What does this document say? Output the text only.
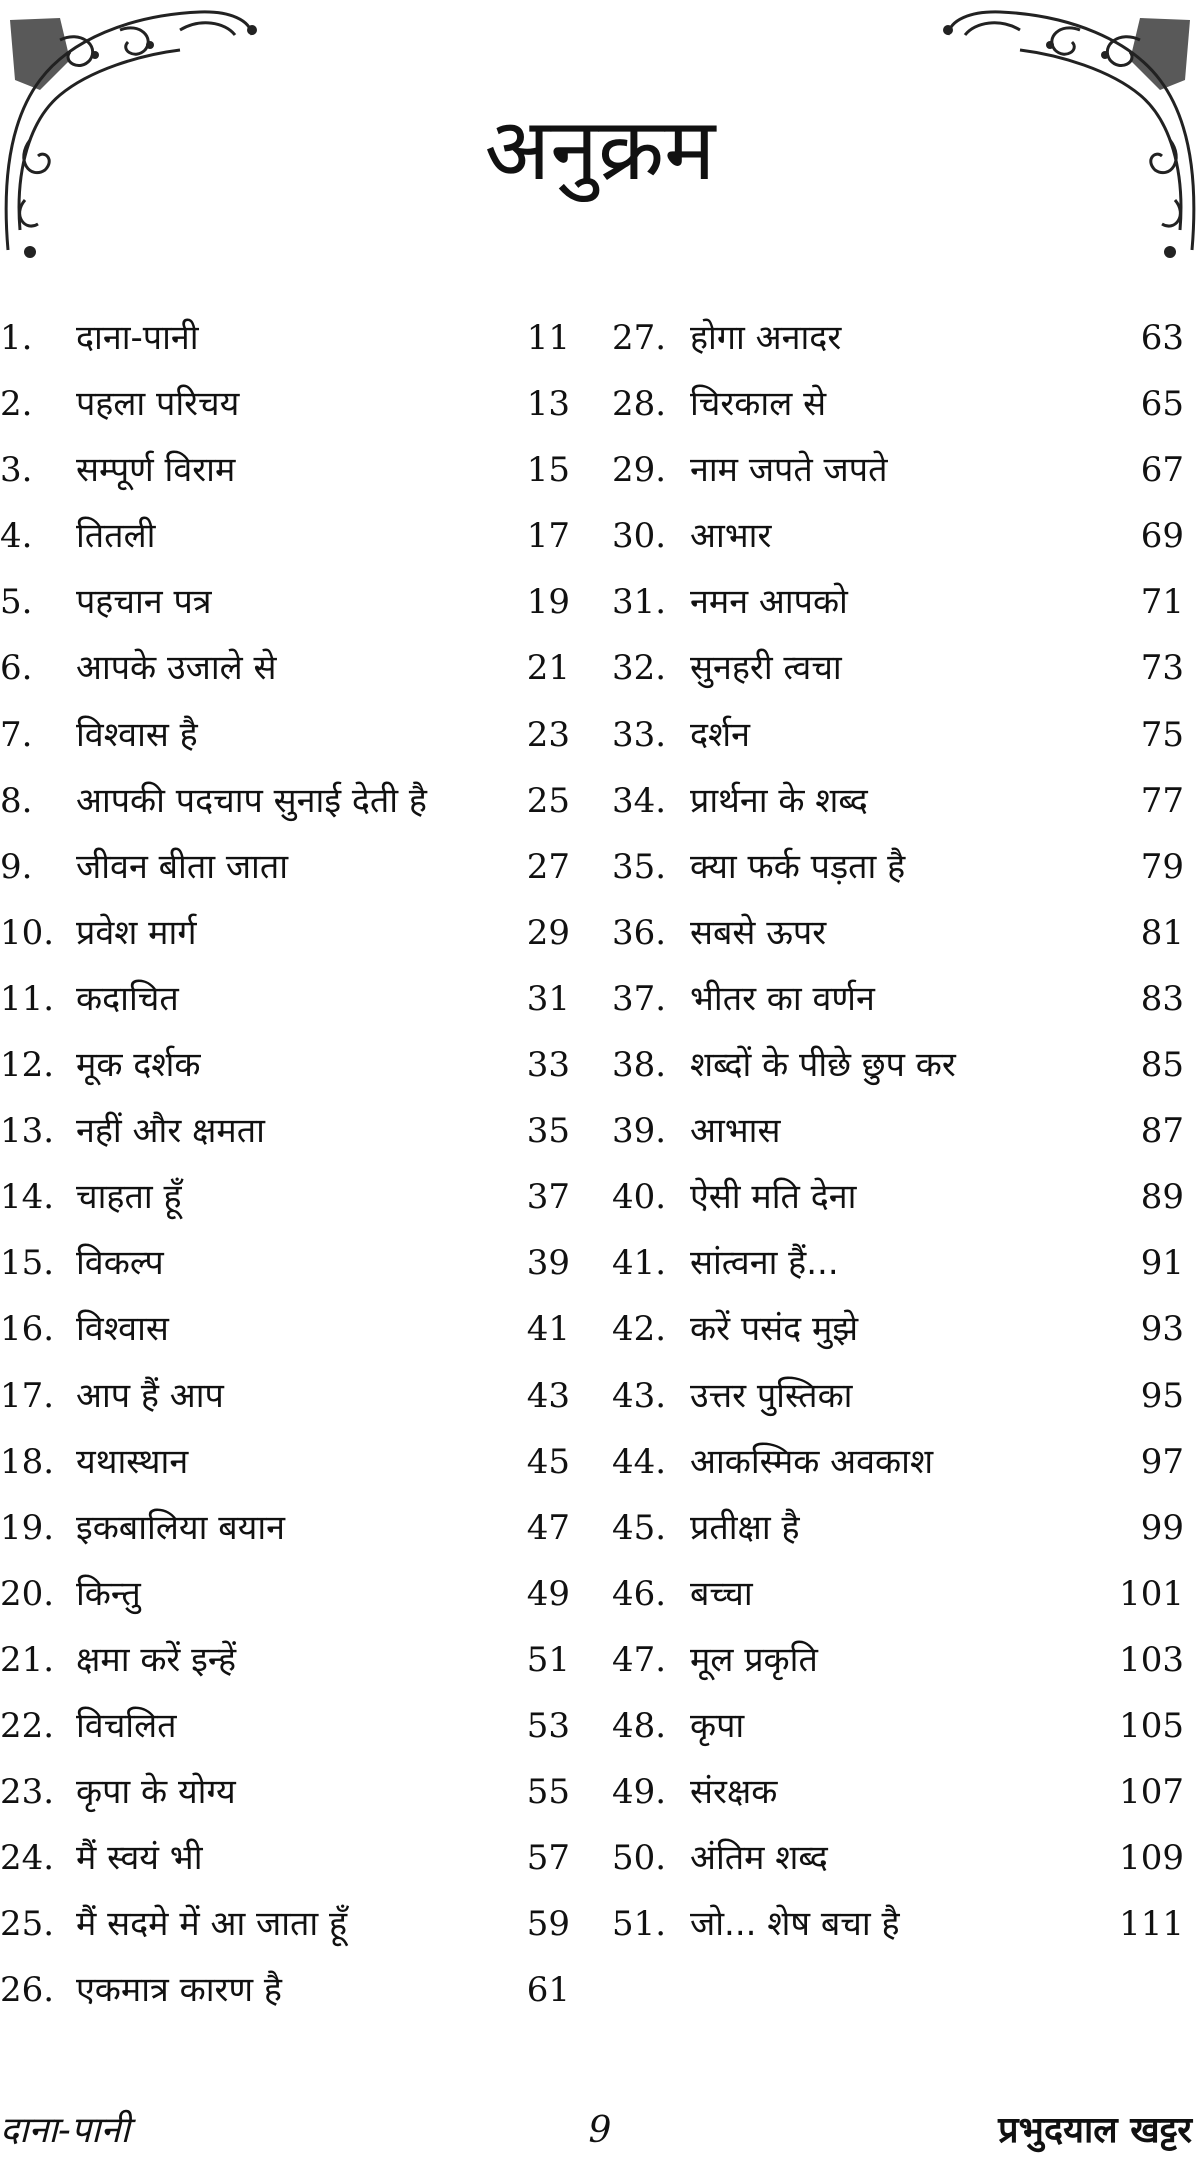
अनुक्रम
1. दाना-पानी	11
2. पहला परिचय	13
3. सम्पूर्ण विराम	15
4. तितली	17
5. पहचान पत्र	19
6. आपके उजाले से	21
7. विश्वास है	23
8. आपकी पदचाप सुनाई देती है	25
9. जीवन बीता जाता	27
10. प्रवेश मार्ग	29
11. कदाचित	31
12. मूक दर्शक	33
13. नहीं और क्षमता	35
14. चाहता हूँ	37
15. विकल्प	39
16. विश्वास	41
17. आप हैं आप	43
18. यथास्थान	45
19. इकबालिया बयान	47
20. किन्तु	49
21. क्षमा करें इन्हें	51
22. विचलित	53
23. कृपा के योग्य	55
24. मैं स्वयं भी	57
25. मैं सदमे में आ जाता हूँ	59
26. एकमात्र कारण है	61
27. होगा अनादर	63
28. चिरकाल से	65
29. नाम जपते जपते	67
30. आभार	69
31. नमन आपको	71
32. सुनहरी त्वचा	73
33. दर्शन	75
34. प्रार्थना के शब्द	77
35. क्या फर्क पड़ता है	79
36. सबसे ऊपर	81
37. भीतर का वर्णन	83
38. शब्दों के पीछे छुप कर	85
39. आभास	87
40. ऐसी मति देना	89
41. सांत्वना हैं...	91
42. करें पसंद मुझे	93
43. उत्तर पुस्तिका	95
44. आकस्मिक अवकाश	97
45. प्रतीक्षा है	99
46. बच्चा	101
47. मूल प्रकृति	103
48. कृपा	105
49. संरक्षक	107
50. अंतिम शब्द	109
51. जो... शेष बचा है	111
दाना-पानी	9	प्रभुदयाल खट्टर
